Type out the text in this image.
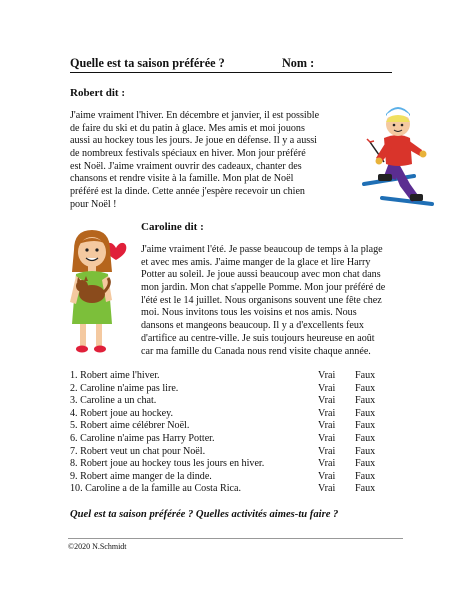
Quelle est ta saison préférée ?	Nom :
Robert dit :
J'aime vraiment l'hiver. En décembre et janvier, il est possible
de faire du ski et du patin à glace. Mes amis et moi jouons
aussi au hockey tous les jours. Je joue en défense. Il y a aussi
de nombreux festivals spéciaux en hiver. Mon jour préféré
est Noël. J'aime vraiment ouvrir des cadeaux, chanter des
chansons et rendre visite à la famille. Mon plat de Noël
préféré est la dinde. Cette année j'espère recevoir un chien
pour Noël !
Caroline dit :
J'aime vraiment l'été. Je passe beaucoup de temps à la plage
et avec mes amis. J'aime manger de la glace et lire Harry
Potter au soleil. Je joue aussi beaucoup avec mon chat dans
mon jardin. Mon chat s'appelle Pomme. Mon jour préféré de
l'été est le 14 juillet. Nous organisons souvent une fête chez
moi. Nous invitons tous les voisins et nos amis. Nous
dansons et mangeons beaucoup. Il y a d'excellents feux
d'artifice au centre-ville. Je suis toujours heureuse en août
car ma famille du Canada nous rend visite chaque année.
1. Robert aime l'hiver.	Vrai Faux
2. Caroline n'aime pas lire.	Vrai Faux
3. Caroline a un chat.	Vrai Faux
4. Robert joue au hockey.	Vrai Faux
5. Robert aime célébrer Noël.	Vrai Faux
6. Caroline n'aime pas Harry Potter.	Vrai Faux
7. Robert veut un chat pour Noël.	Vrai Faux
8. Robert joue au hockey tous les jours en hiver.	Vrai Faux
9. Robert aime manger de la dinde.	Vrai Faux
10. Caroline a de la famille au Costa Rica.	Vrai Faux
Quel est ta saison préférée ? Quelles activités aimes-tu faire ?
©2020 N.Schmidt
